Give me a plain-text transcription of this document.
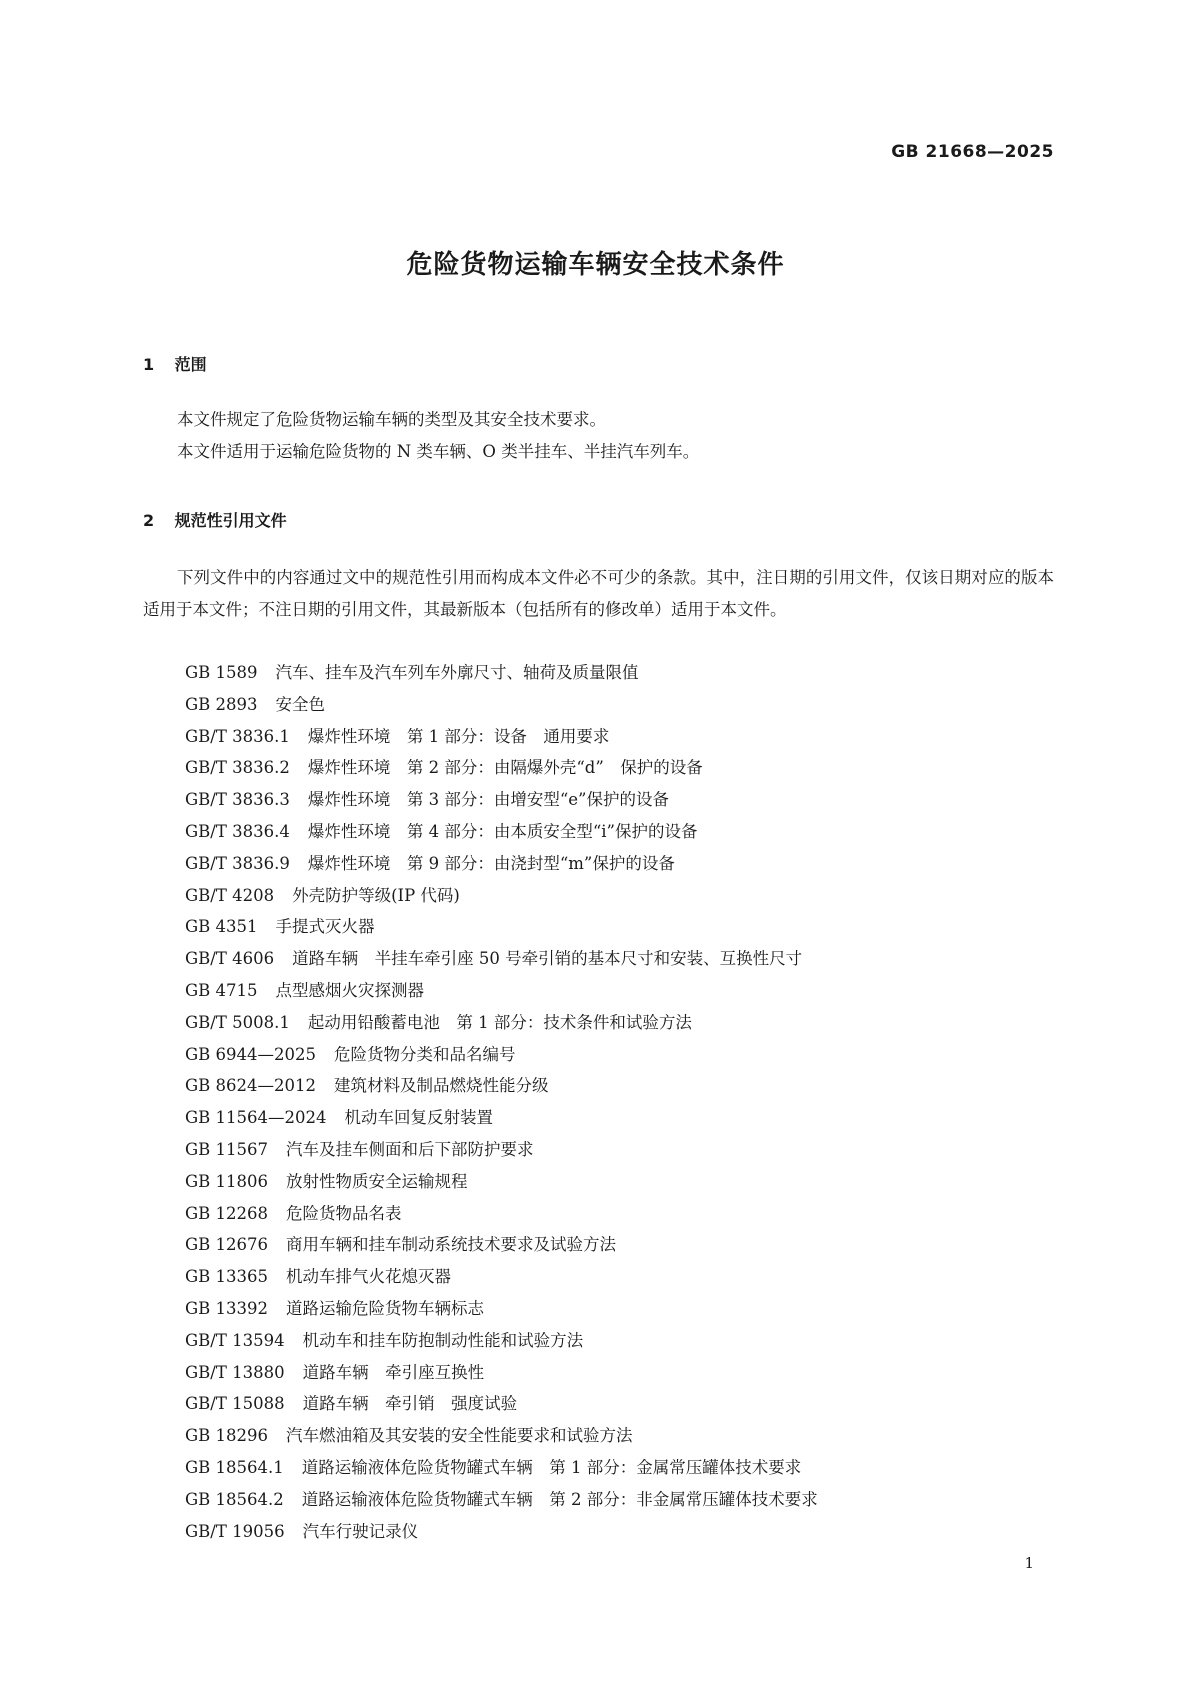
GB 21668—2025
危险货物运输车辆安全技术条件
1 范围
本文件规定了危险货物运输车辆的类型及其安全技术要求。
本文件适用于运输危险货物的 N 类车辆、O 类半挂车、半挂汽车列车。
2 规范性引用文件
下列文件中的内容通过文中的规范性引用而构成本文件必不可少的条款。其中，注日期的引用文件，仅该日期对应的版本适用于本文件；不注日期的引用文件，其最新版本（包括所有的修改单）适用于本文件。
GB 1589 汽车、挂车及汽车列车外廓尺寸、轴荷及质量限值
GB 2893 安全色
GB/T 3836.1 爆炸性环境　第 1 部分：设备　通用要求
GB/T 3836.2 爆炸性环境　第 2 部分：由隔爆外壳“d”　保护的设备
GB/T 3836.3 爆炸性环境　第 3 部分：由增安型“e”保护的设备
GB/T 3836.4 爆炸性环境　第 4 部分：由本质安全型“i”保护的设备
GB/T 3836.9 爆炸性环境　第 9 部分：由浇封型“m”保护的设备
GB/T 4208 外壳防护等级(IP 代码)
GB 4351 手提式灭火器
GB/T 4606 道路车辆　半挂车牵引座 50 号牵引销的基本尺寸和安装、互换性尺寸
GB 4715 点型感烟火灾探测器
GB/T 5008.1 起动用铅酸蓄电池　第 1 部分：技术条件和试验方法
GB 6944—2025 危险货物分类和品名编号
GB 8624—2012 建筑材料及制品燃烧性能分级
GB 11564—2024 机动车回复反射装置
GB 11567 汽车及挂车侧面和后下部防护要求
GB 11806 放射性物质安全运输规程
GB 12268 危险货物品名表
GB 12676 商用车辆和挂车制动系统技术要求及试验方法
GB 13365 机动车排气火花熄灭器
GB 13392 道路运输危险货物车辆标志
GB/T 13594 机动车和挂车防抱制动性能和试验方法
GB/T 13880 道路车辆　牵引座互换性
GB/T 15088 道路车辆　牵引销　强度试验
GB 18296 汽车燃油箱及其安装的安全性能要求和试验方法
GB 18564.1 道路运输液体危险货物罐式车辆　第 1 部分：金属常压罐体技术要求
GB 18564.2 道路运输液体危险货物罐式车辆　第 2 部分：非金属常压罐体技术要求
GB/T 19056 汽车行驶记录仪
1
